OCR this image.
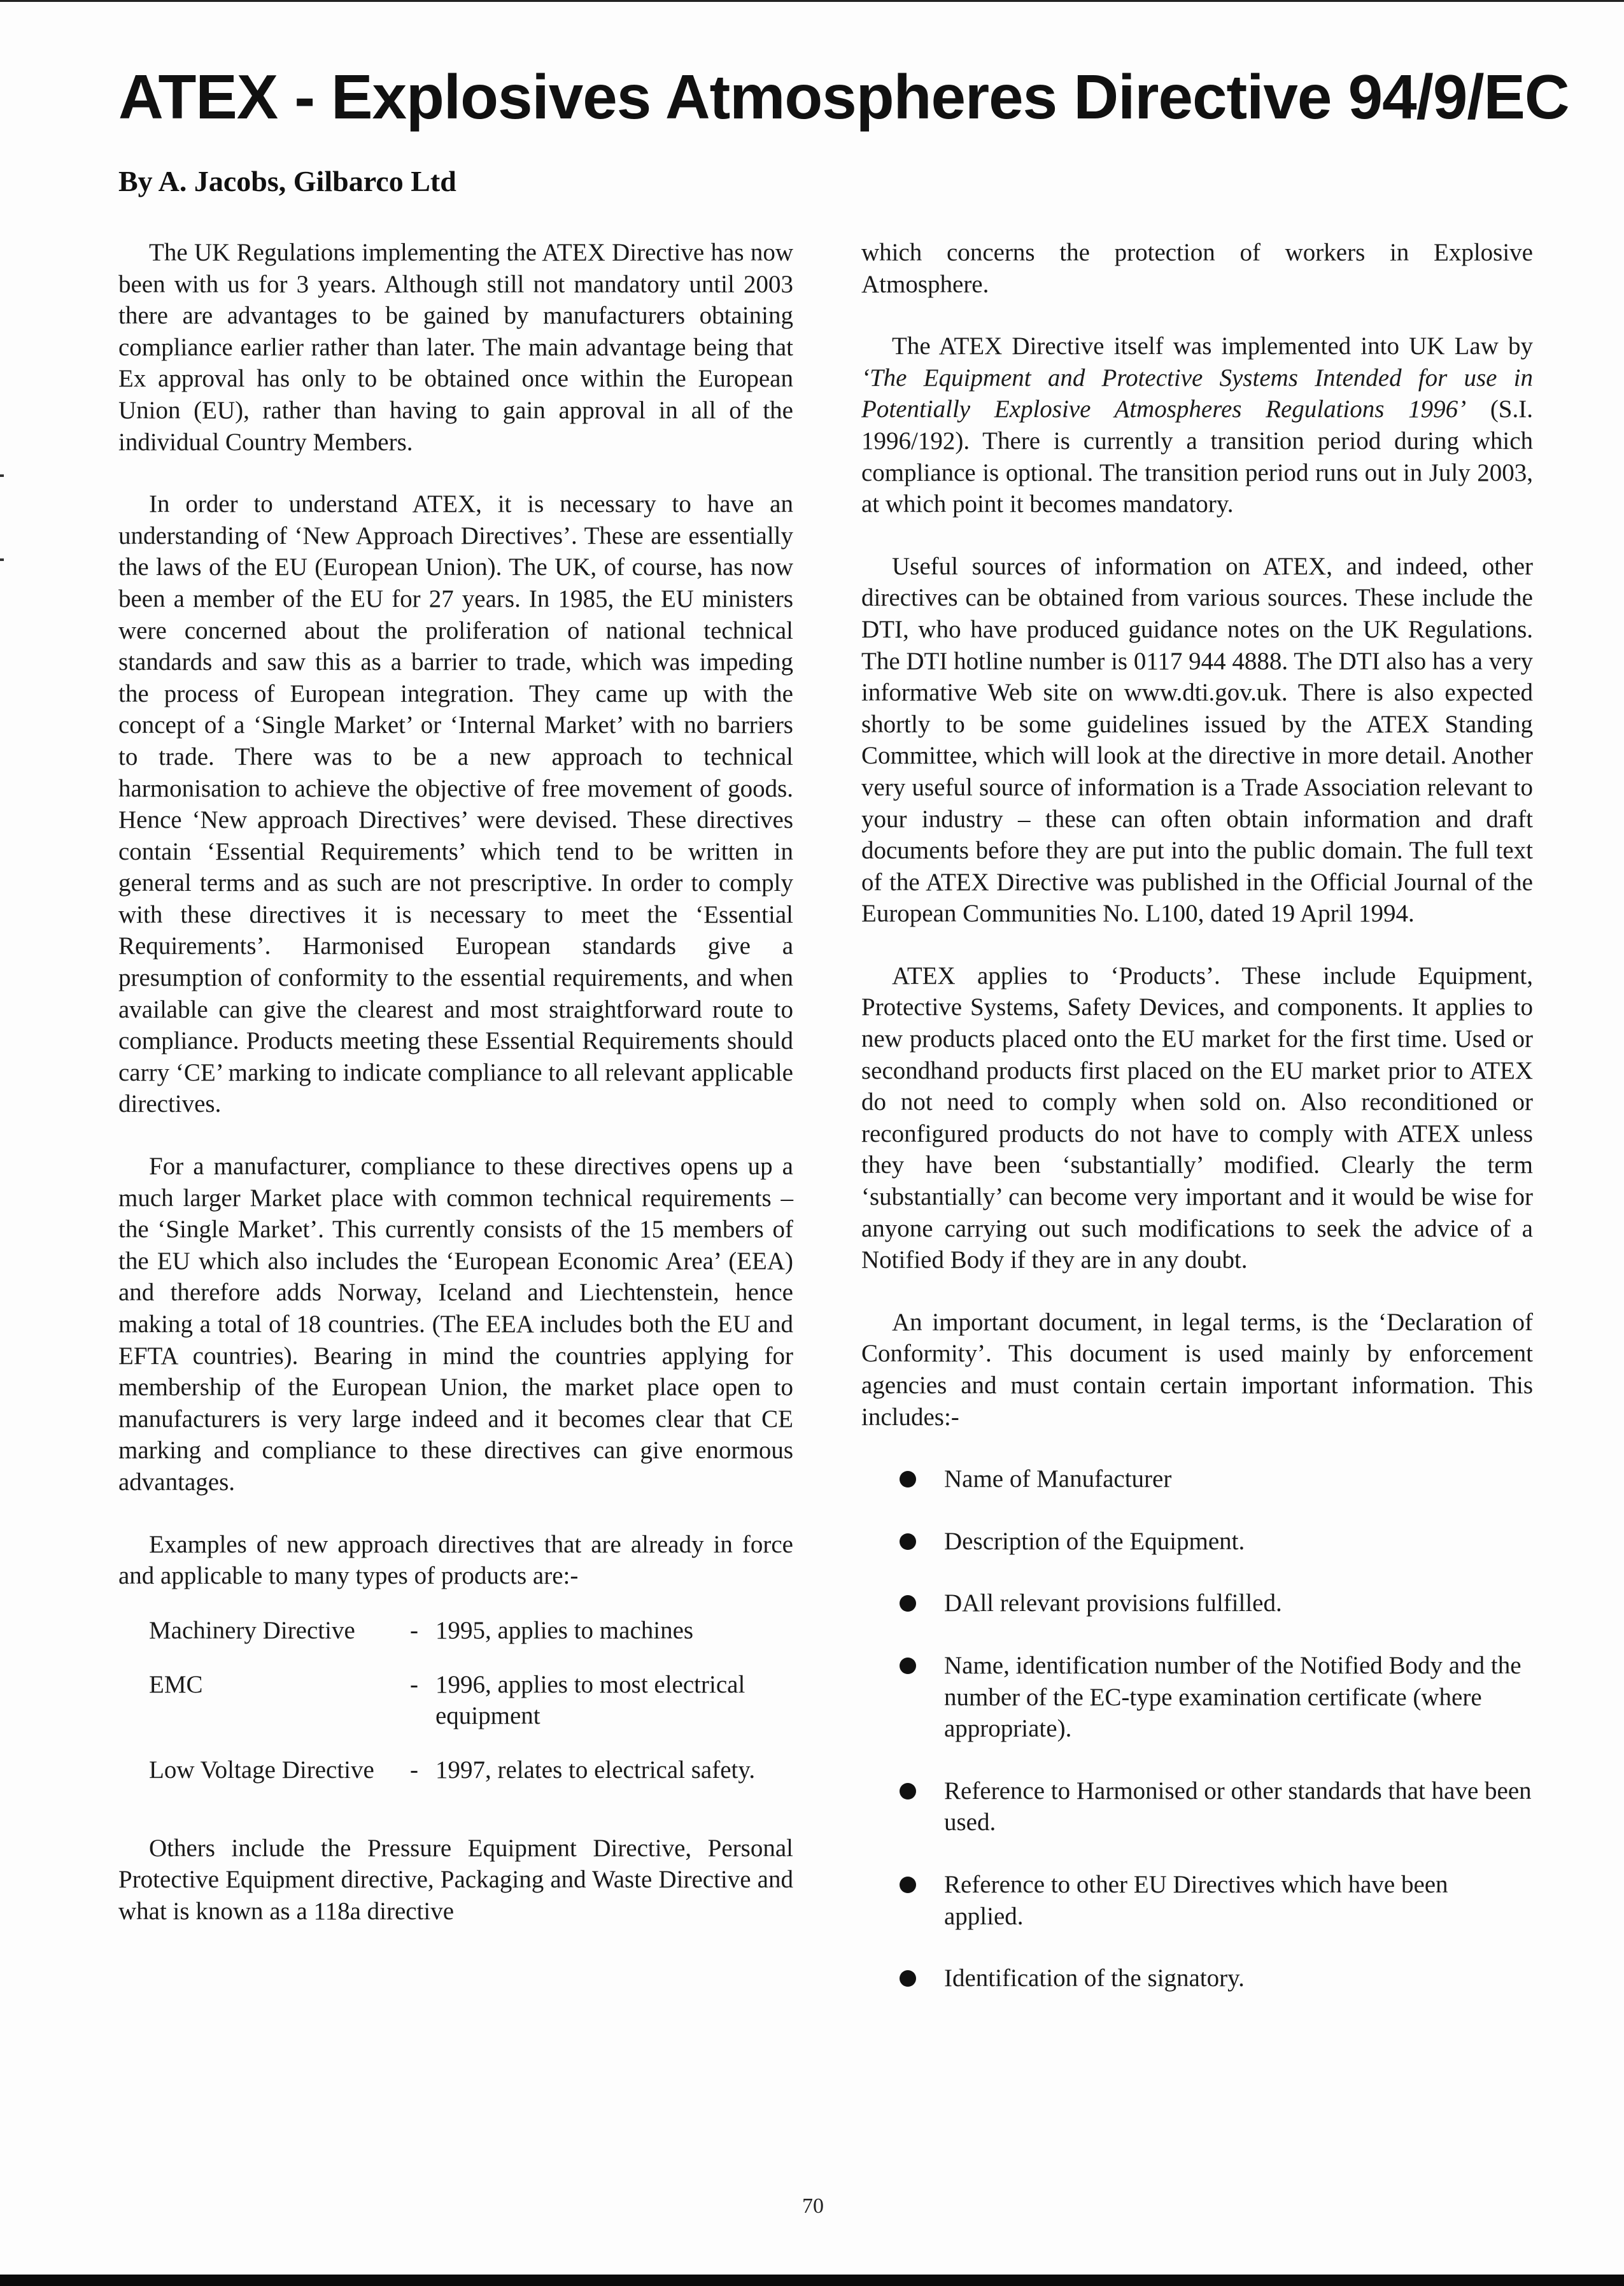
ATEX - Explosives Atmospheres Directive 94/9/EC
By A. Jacobs, Gilbarco Ltd

The UK Regulations implementing the ATEX Directive has now been with us for 3 years. Although still not mandatory until 2003 there are advantages to be gained by manufacturers obtaining compliance earlier rather than later. The main advantage being that Ex approval has only to be obtained once within the European Union (EU), rather than having to gain approval in all of the individual Country Members.

In order to understand ATEX, it is necessary to have an understanding of ‘New Approach Directives’. These are essentially the laws of the EU (European Union). The UK, of course, has now been a member of the EU for 27 years. In 1985, the EU ministers were concerned about the proliferation of national technical standards and saw this as a barrier to trade, which was impeding the process of European integration. They came up with the concept of a ‘Single Market’ or ‘Internal Market’ with no barriers to trade. There was to be a new approach to technical harmonisation to achieve the objective of free movement of goods. Hence ‘New approach Directives’ were devised. These directives contain ‘Essential Requirements’ which tend to be written in general terms and as such are not prescriptive. In order to comply with these directives it is necessary to meet the ‘Essential Requirements’. Harmonised European standards give a presumption of conformity to the essential requirements, and when available can give the clearest and most straightforward route to compliance. Products meeting these Essential Requirements should carry ‘CE’ marking to indicate compliance to all relevant applicable directives.

For a manufacturer, compliance to these directives opens up a much larger Market place with common technical requirements – the ‘Single Market’. This currently consists of the 15 members of the EU which also includes the ‘European Economic Area’ (EEA) and therefore adds Norway, Iceland and Liechtenstein, hence making a total of 18 countries. (The EEA includes both the EU and EFTA countries). Bearing in mind the countries applying for membership of the European Union, the market place open to manufacturers is very large indeed and it becomes clear that CE marking and compliance to these directives can give enormous advantages.

Examples of new approach directives that are already in force and applicable to many types of products are:-

Machinery Directive	-	1995, applies to machines
EMC	-	1996, applies to most electrical equipment
Low Voltage Directive	-	1997, relates to electrical safety.

Others include the Pressure Equipment Directive, Personal Protective Equipment directive, Packaging and Waste Directive and what is known as a 118a directive

which concerns the protection of workers in Explosive Atmosphere.

The ATEX Directive itself was implemented into UK Law by ‘The Equipment and Protective Systems Intended for use in Potentially Explosive Atmospheres Regulations 1996’ (S.I. 1996/192). There is currently a transition period during which compliance is optional. The transition period runs out in July 2003, at which point it becomes mandatory.

Useful sources of information on ATEX, and indeed, other directives can be obtained from various sources. These include the DTI, who have produced guidance notes on the UK Regulations. The DTI hotline number is 0117 944 4888. The DTI also has a very informative Web site on www.dti.gov.uk. There is also expected shortly to be some guidelines issued by the ATEX Standing Committee, which will look at the directive in more detail. Another very useful source of information is a Trade Association relevant to your industry – these can often obtain information and draft documents before they are put into the public domain. The full text of the ATEX Directive was published in the Official Journal of the European Communities No. L100, dated 19 April 1994.

ATEX applies to ‘Products’. These include Equipment, Protective Systems, Safety Devices, and components. It applies to new products placed onto the EU market for the first time. Used or secondhand products first placed on the EU market prior to ATEX do not need to comply when sold on. Also reconditioned or reconfigured products do not have to comply with ATEX unless they have been ‘substantially’ modified. Clearly the term ‘substantially’ can become very important and it would be wise for anyone carrying out such modifications to seek the advice of a Notified Body if they are in any doubt.

An important document, in legal terms, is the ‘Declaration of Conformity’. This document is used mainly by enforcement agencies and must contain certain important information. This includes:-

Name of Manufacturer
Description of the Equipment.
DAll relevant provisions fulfilled.
Name, identification number of the Notified Body and the number of the EC-type examination certificate (where appropriate).
Reference to Harmonised or other standards that have been used.
Reference to other EU Directives which have been applied.
Identification of the signatory.
70
